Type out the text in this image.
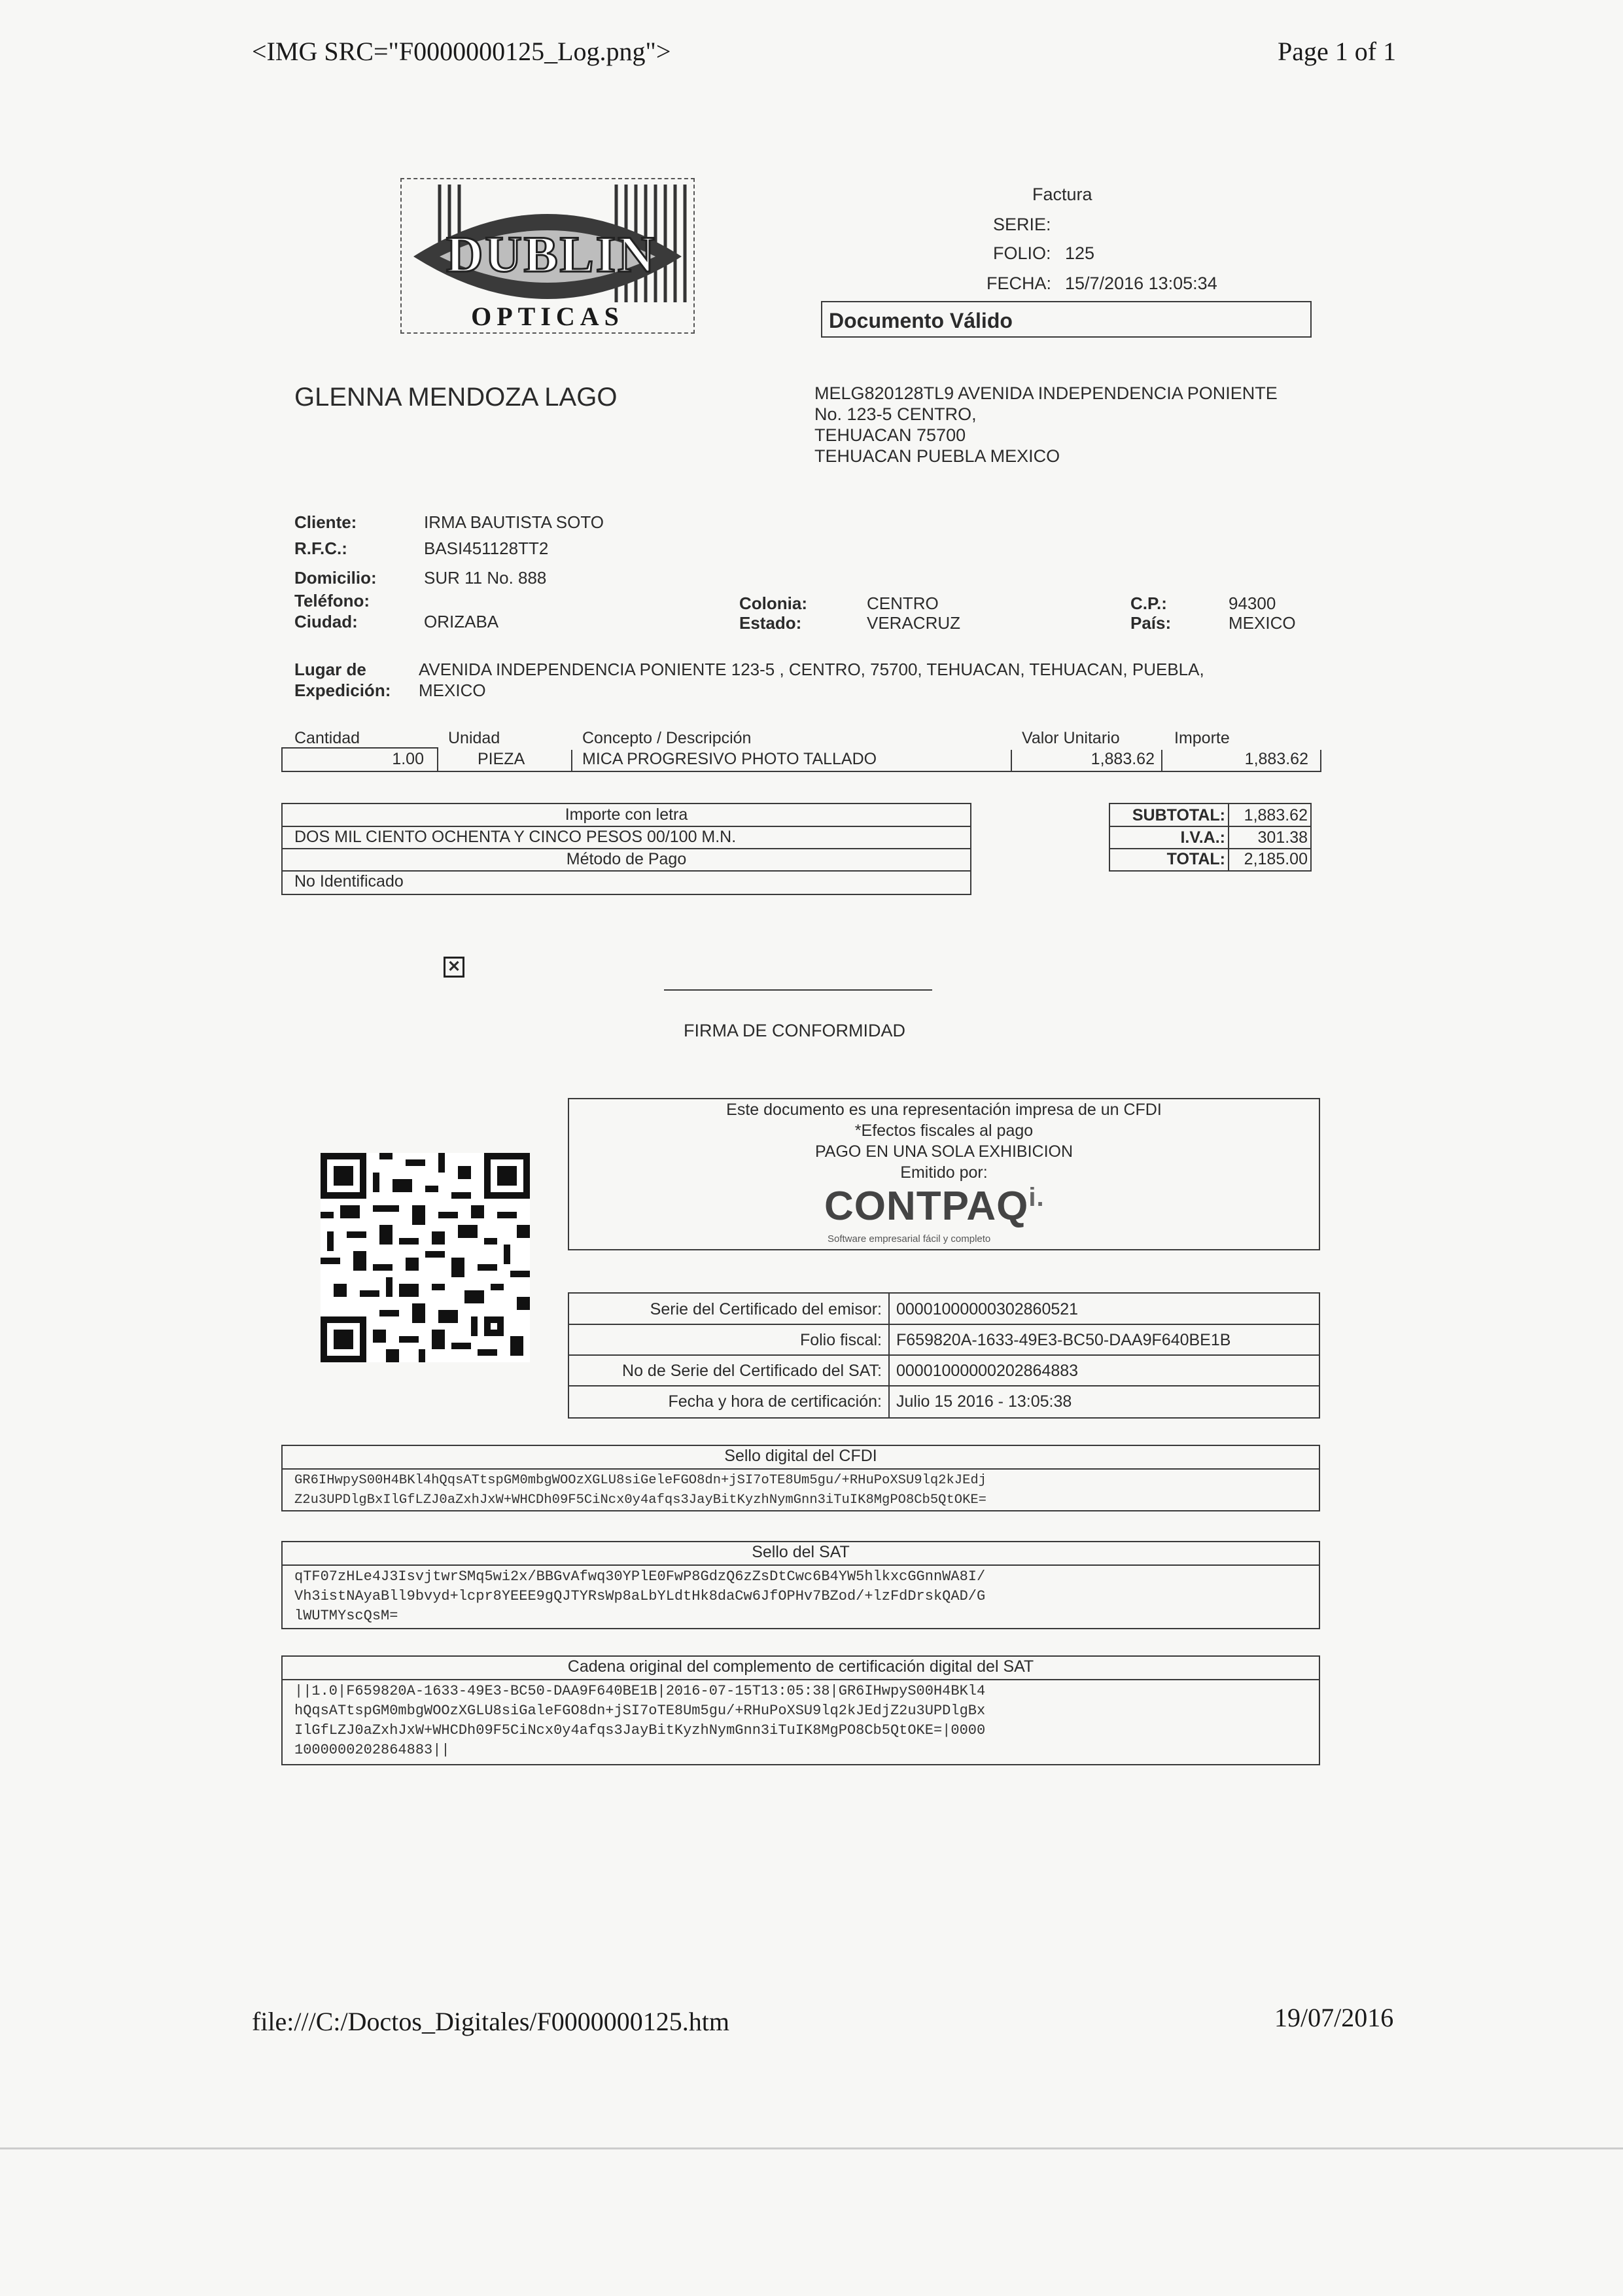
<IMG SRC="F0000000125_Log.png">	Page 1 of 1
file:///C:/Doctos_Digitales/F0000000125.htm	19/07/2016
DUBLIN
OPTICAS
Factura
SERIE:
FOLIO: 125
FECHA: 15/7/2016 13:05:34
Documento Válido
GLENNA MENDOZA LAGO	MELG820128TL9 AVENIDA INDEPENDENCIA PONIENTE
No. 123-5 CENTRO,
TEHUACAN 75700
TEHUACAN PUEBLA MEXICO
Cliente:	IRMA BAUTISTA SOTO
R.F.C.:	BASI451128TT2
Domicilio:	SUR 11 No. 888
Teléfono:
Ciudad:	ORIZABA
Colonia:	CENTRO
Estado:	VERACRUZ
C.P.:	94300
País:	MEXICO
Lugar de
Expedición:
AVENIDA INDEPENDENCIA PONIENTE 123-5 , CENTRO, 75700, TEHUACAN, TEHUACAN, PUEBLA,
MEXICO
Cantidad	Unidad	Concepto / Descripción	Valor Unitario	Importe
1.00	PIEZA	MICA PROGRESIVO PHOTO TALLADO	1,883.62	1,883.62
Importe con letra
DOS MIL CIENTO OCHENTA Y CINCO PESOS 00/100 M.N.
Método de Pago
No Identificado
SUBTOTAL:	1,883.62
I.V.A.:	301.38
TOTAL:	2,185.00
✕
FIRMA DE CONFORMIDAD
Este documento es una representación impresa de un CFDI
*Efectos fiscales al pago
PAGO EN UNA SOLA EXHIBICION
Emitido por:
$CONTPAQ^{i.}$
Software empresarial fácil y completo
Serie del Certificado del emisor: 00001000000302860521
Folio fiscal: F659820A-1633-49E3-BC50-DAA9F640BE1B
No de Serie del Certificado del SAT: 00001000000202864883
Fecha y hora de certificación: Julio 15 2016 - 13:05:38
Sello digital del CFDI
GR6IHwpyS00H4BKl4hQqsATtspGM0mbgWOOzXGLU8siGeleFGO8dn+jSI7oTE8Um5gu/+RHuPoXSU9lq2kJEdj
Z2u3UPDlgBxIlGfLZJ0aZxhJxW+WHCDh09F5CiNcx0y4afqs3JayBitKyzhNymGnn3iTuIK8MgPO8Cb5QtOKE=
Sello del SAT
qTF07zHLe4J3IsvjtwrSMq5wi2x/BBGvAfwq30YPlE0FwP8GdzQ6zZsDtCwc6B4YW5hlkxcGGnnWA8I/
Vh3istNAyaBll9bvyd+lcpr8YEEE9gQJTYRsWp8aLbYLdtHk8daCw6JfOPHv7BZod/+lzFdDrskQAD/G
lWUTMYscQsM=
Cadena original del complemento de certificación digital del SAT
||1.0|F659820A-1633-49E3-BC50-DAA9F640BE1B|2016-07-15T13:05:38|GR6IHwpyS00H4BKl4
hQqsATtspGM0mbgWOOzXGLU8siGaleFGO8dn+jSI7oTE8Um5gu/+RHuPoXSU9lq2kJEdjZ2u3UPDlgBx
IlGfLZJ0aZxhJxW+WHCDh09F5CiNcx0y4afqs3JayBitKyzhNymGnn3iTuIK8MgPO8Cb5QtOKE=|0000
1000000202864883||
